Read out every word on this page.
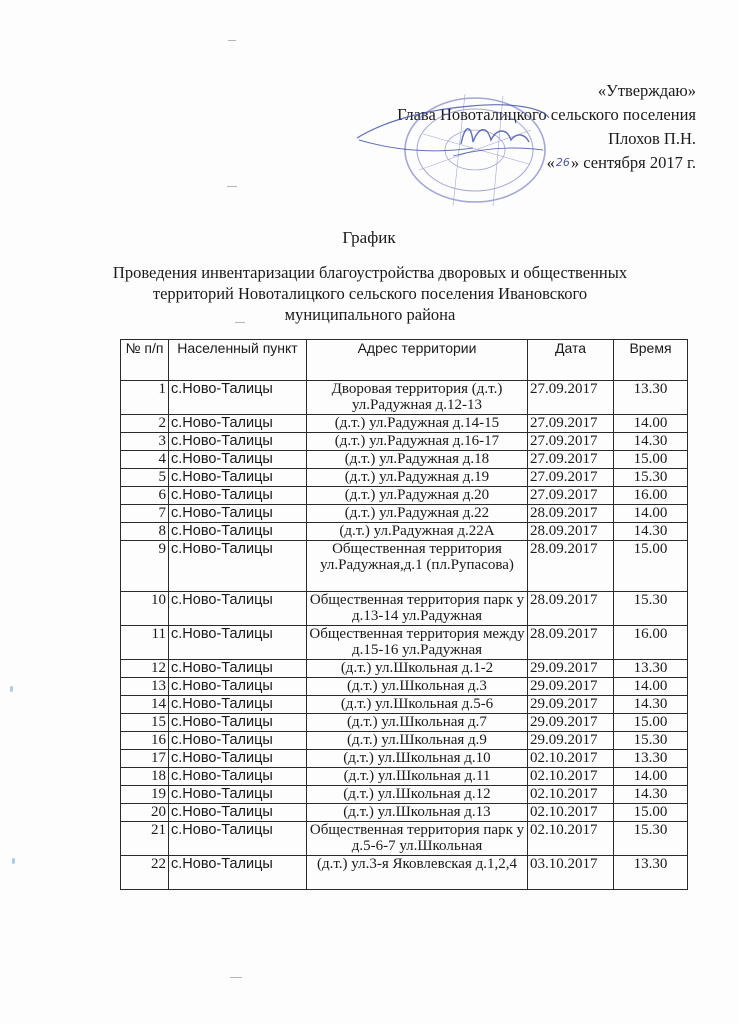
«Утверждаю»
Глава Новоталицкого сельского поселения
Плохов П.Н.
«26» сентября 2017 г.
График
Проведения инвентаризации благоустройства дворовых и общественных территорий Новоталицкого сельского поселения Ивановского муниципального района
№ п/п	Населенный пункт	Адрес территории	Дата	Время
1	с.Ново-Талицы	Дворовая территория (д.т.) ул.Радужная д.12-13	27.09.2017	13.30
2	с.Ново-Талицы	(д.т.) ул.Радужная д.14-15	27.09.2017	14.00
3	с.Ново-Талицы	(д.т.) ул.Радужная д.16-17	27.09.2017	14.30
4	с.Ново-Талицы	(д.т.) ул.Радужная д.18	27.09.2017	15.00
5	с.Ново-Талицы	(д.т.) ул.Радужная д.19	27.09.2017	15.30
6	с.Ново-Талицы	(д.т.) ул.Радужная д.20	27.09.2017	16.00
7	с.Ново-Талицы	(д.т.) ул.Радужная д.22	28.09.2017	14.00
8	с.Ново-Талицы	(д.т.) ул.Радужная д.22А	28.09.2017	14.30
9	с.Ново-Талицы	Общественная территория ул.Радужная,д.1 (пл.Рупасова)	28.09.2017	15.00
10	с.Ново-Талицы	Общественная территория парк у д.13-14 ул.Радужная	28.09.2017	15.30
11	с.Ново-Талицы	Общественная территория между д.15-16 ул.Радужная	28.09.2017	16.00
12	с.Ново-Талицы	(д.т.) ул.Школьная д.1-2	29.09.2017	13.30
13	с.Ново-Талицы	(д.т.) ул.Школьная д.3	29.09.2017	14.00
14	с.Ново-Талицы	(д.т.) ул.Школьная д.5-6	29.09.2017	14.30
15	с.Ново-Талицы	(д.т.) ул.Школьная д.7	29.09.2017	15.00
16	с.Ново-Талицы	(д.т.) ул.Школьная д.9	29.09.2017	15.30
17	с.Ново-Талицы	(д.т.) ул.Школьная д.10	02.10.2017	13.30
18	с.Ново-Талицы	(д.т.) ул.Школьная д.11	02.10.2017	14.00
19	с.Ново-Талицы	(д.т.) ул.Школьная д.12	02.10.2017	14.30
20	с.Ново-Талицы	(д.т.) ул.Школьная д.13	02.10.2017	15.00
21	с.Ново-Талицы	Общественная территория парк у д.5-6-7 ул.Школьная	02.10.2017	15.30
22	с.Ново-Талицы	(д.т.) ул.3-я Яковлевская д.1,2,4	03.10.2017	13.30
